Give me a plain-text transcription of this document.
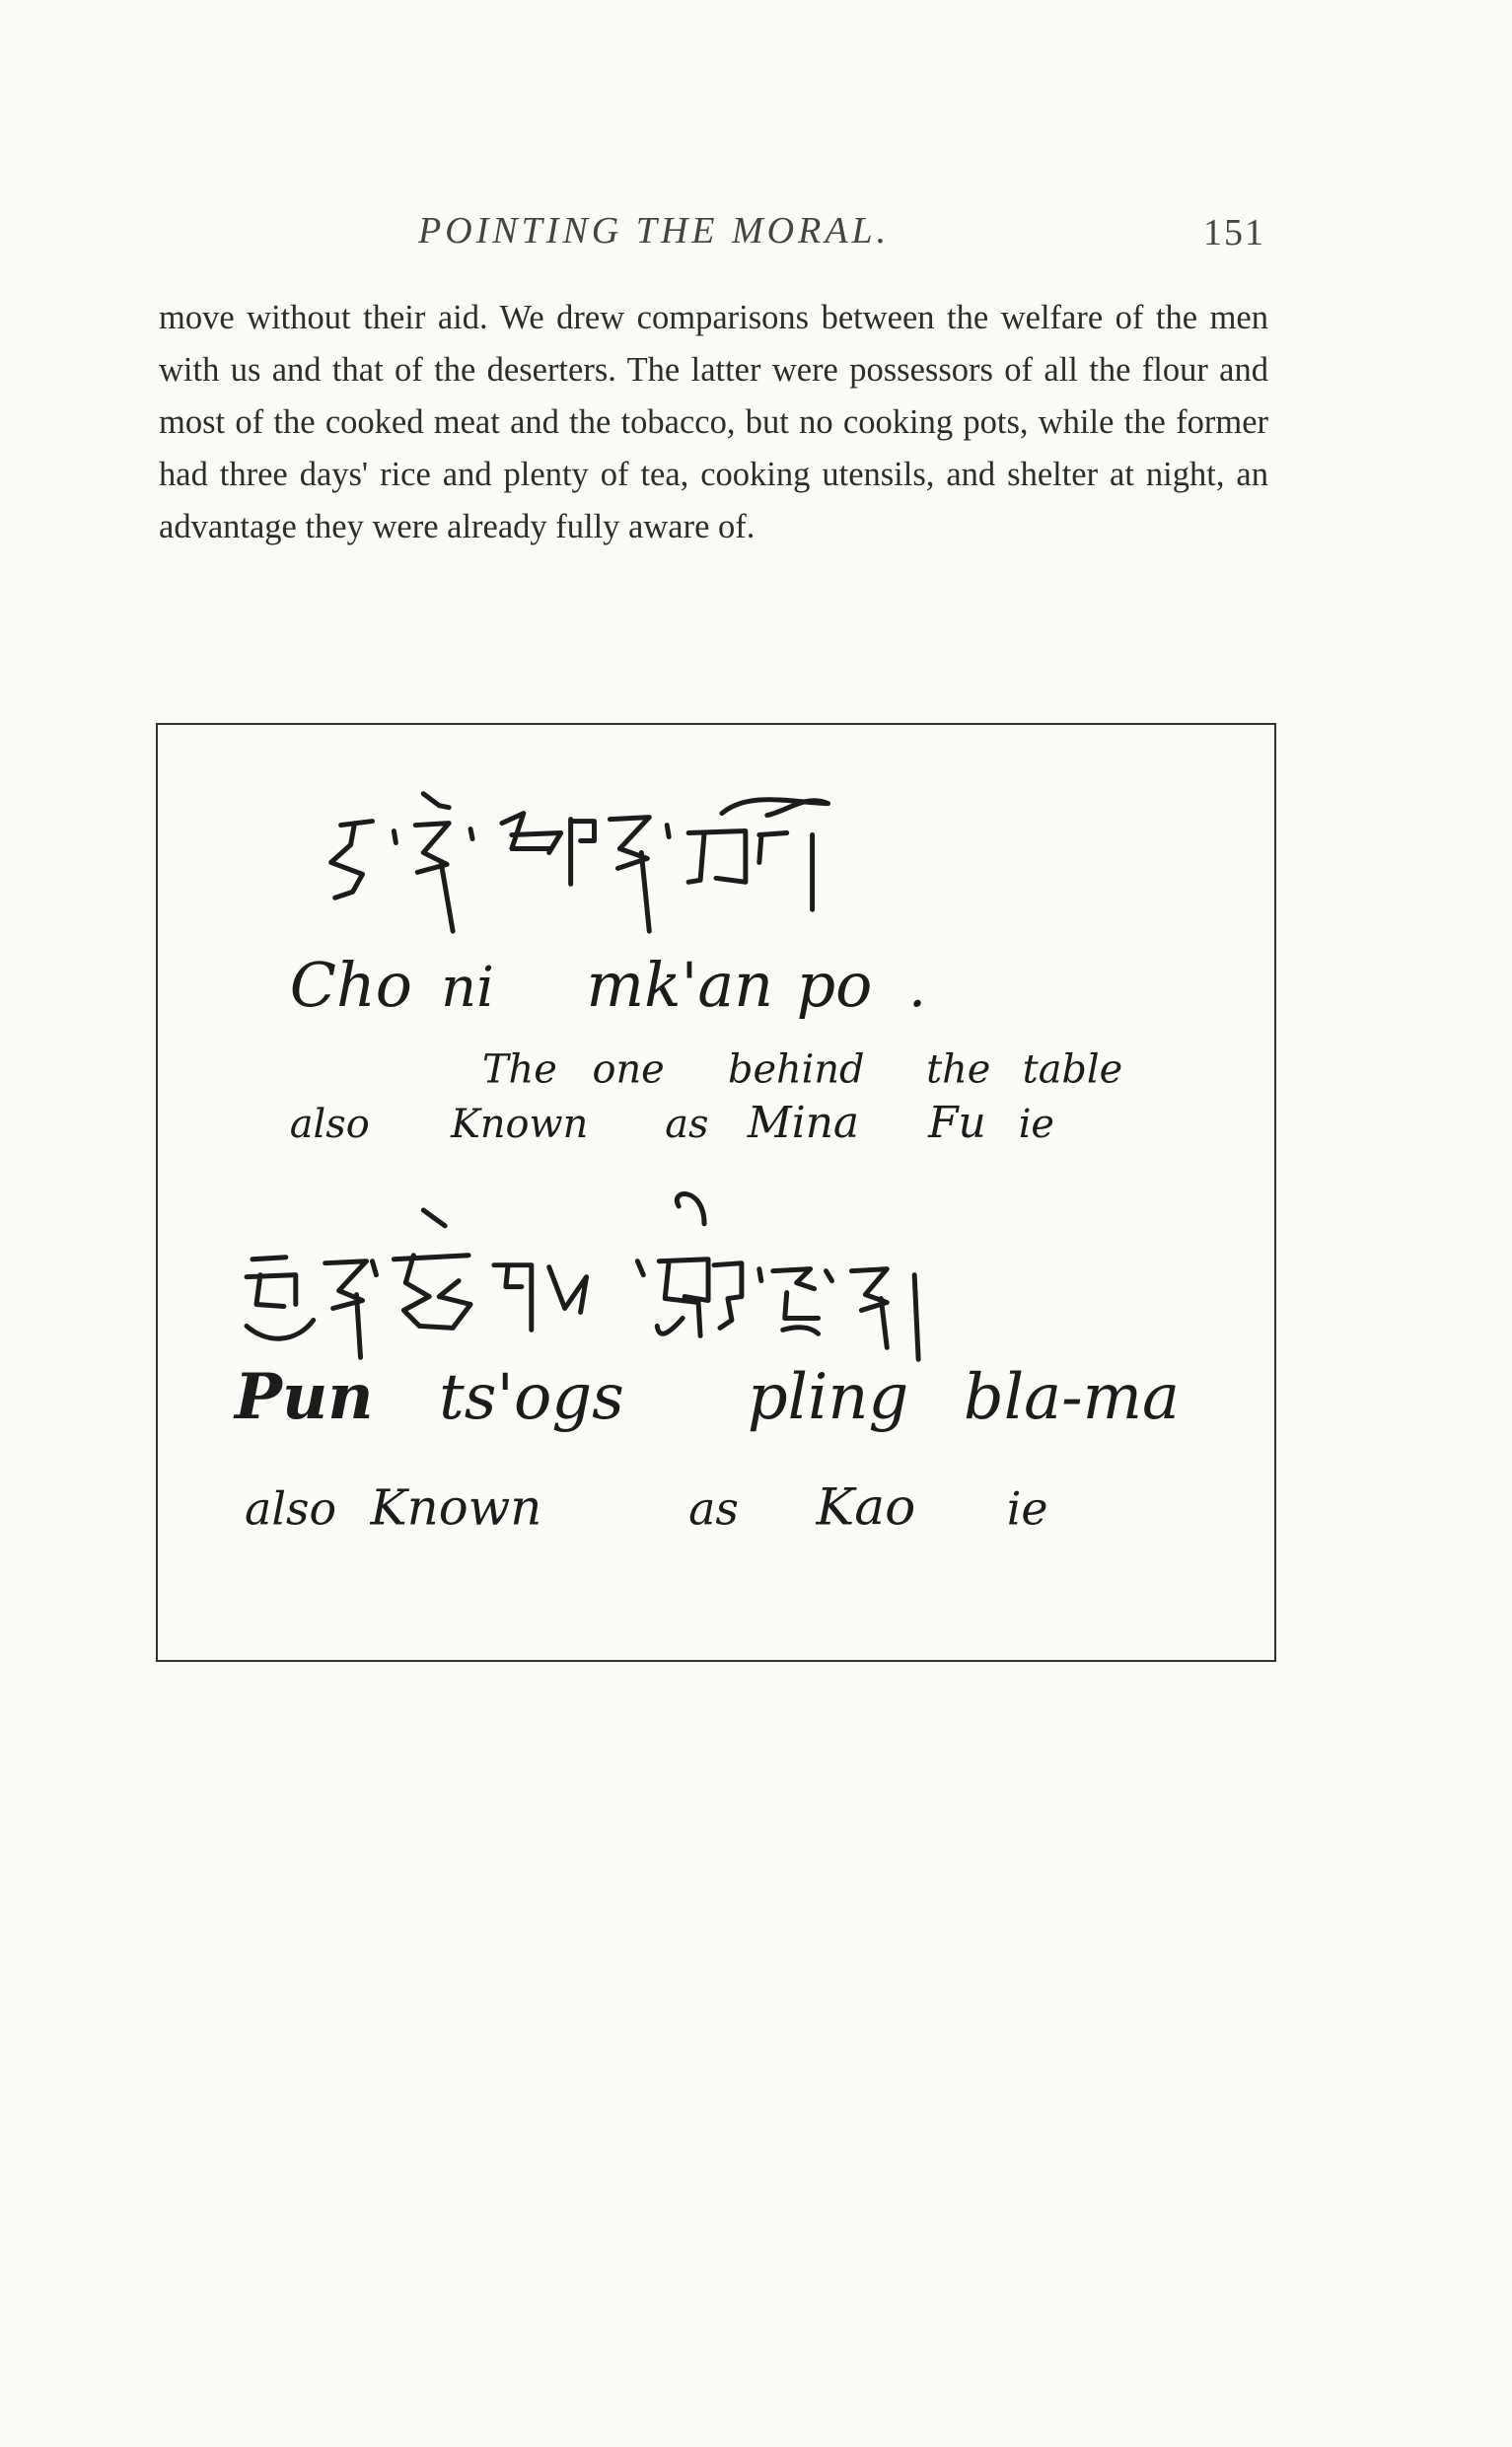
POINTING THE MORAL.	151

move without their aid. We drew comparisons between the welfare of the men with us and that of the deserters. The latter were possessors of all the flour and most of the cooked meat and the tobacco, but no cooking pots, while the former had three days' rice and plenty of tea, cooking utensils, and shelter at night, an advantage they were already fully aware of.

Cho ni mk'an po .
The one behind the table
also Known as Mina Fu ie
Pun ts'ogs pling bla-ma
also Known	as Kao ie
